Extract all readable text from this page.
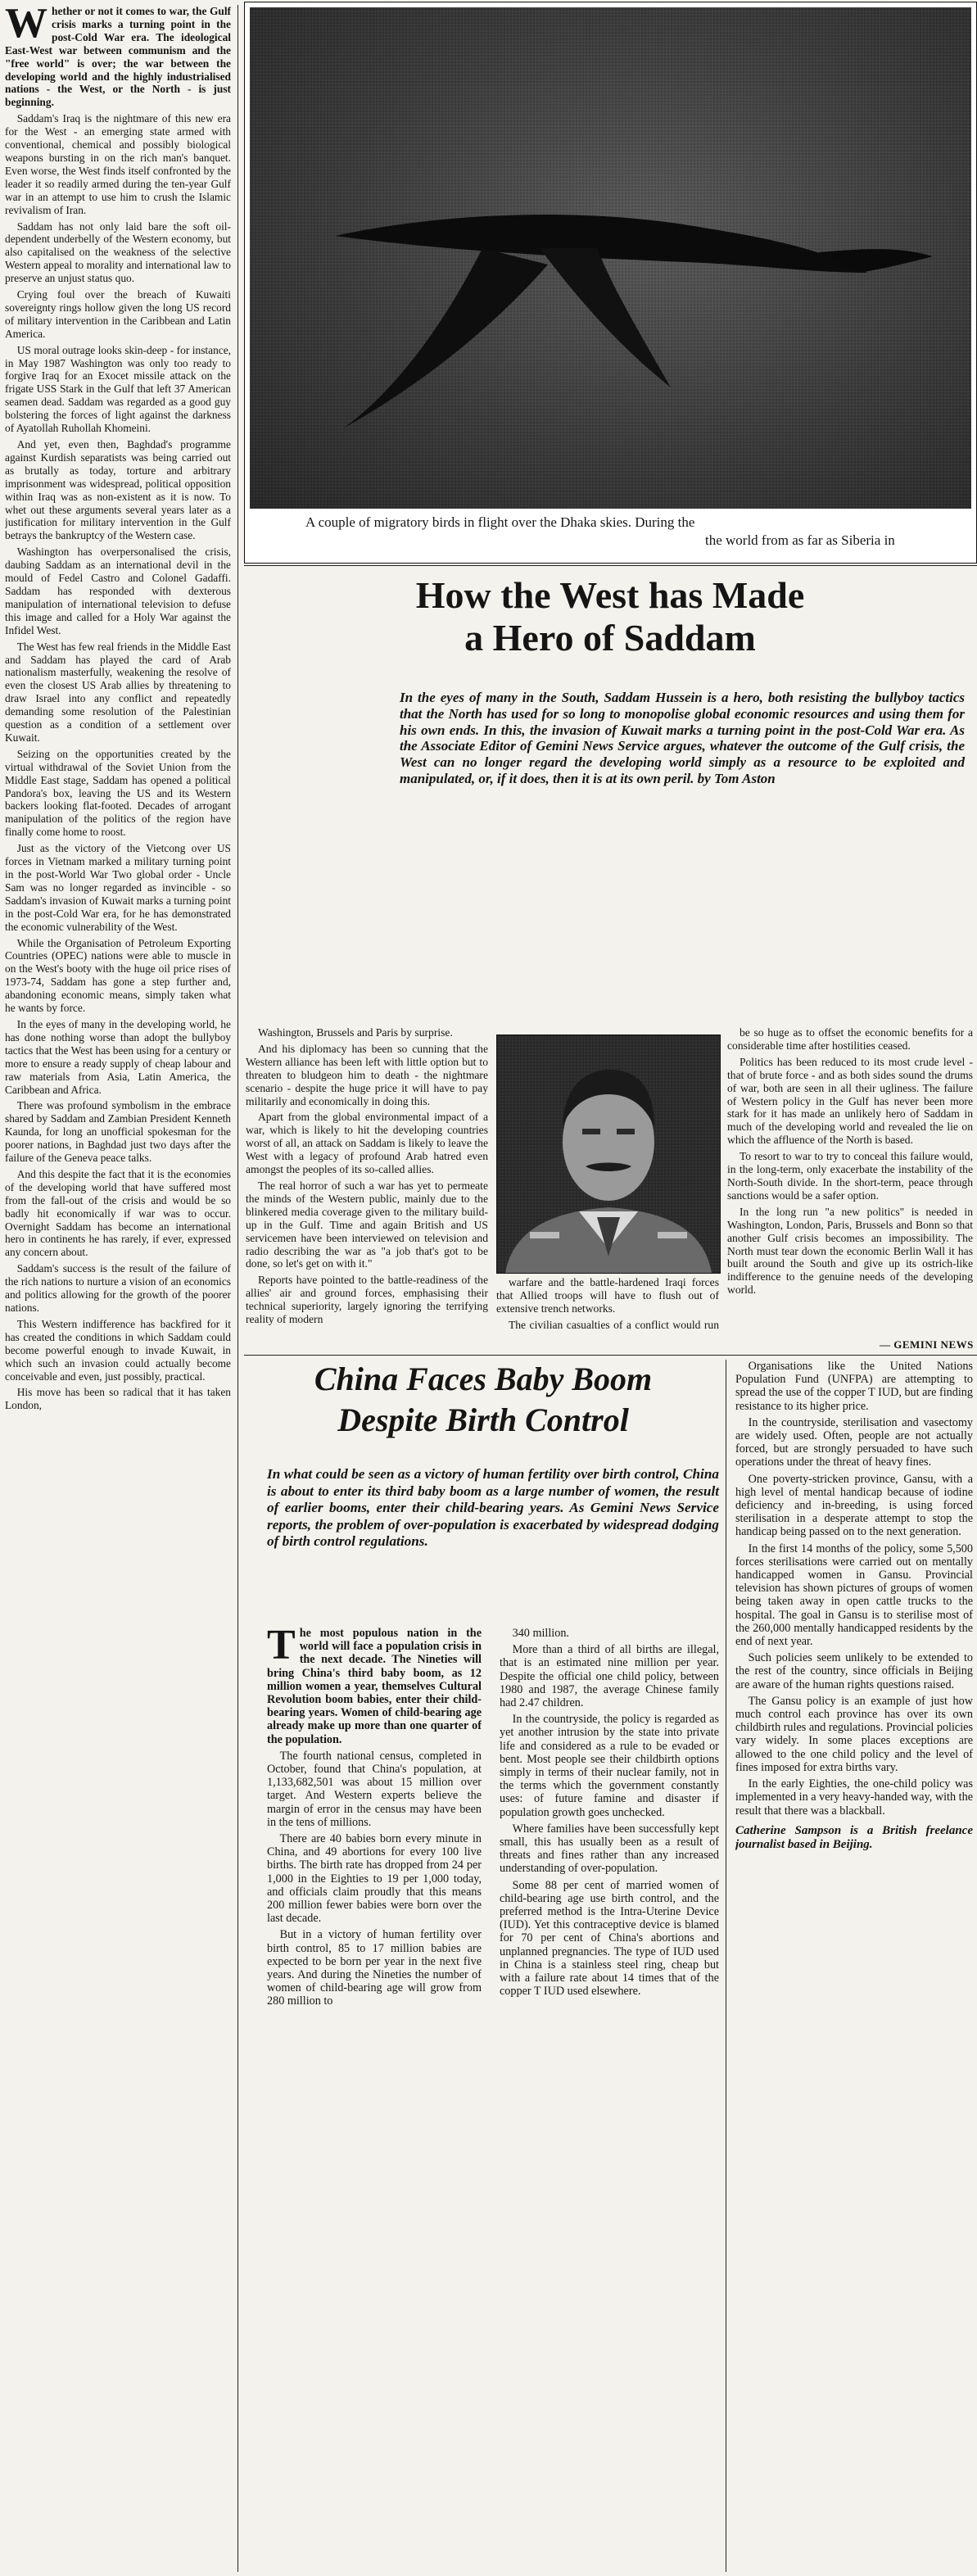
Whether or not it comes to war, the Gulf crisis marks a turning point in the post-Cold War era. The ideological East-West war between communism and the "free world" is over; the war between the developing world and the highly industrialised nations - the West, or the North - is just beginning.

Saddam's Iraq is the nightmare of this new era for the West - an emerging state armed with conventional, chemical and possibly biological weapons bursting in on the rich man's banquet. Even worse, the West finds itself confronted by the leader it so readily armed during the ten-year Gulf war in an attempt to use him to crush the Islamic revivalism of Iran.

Saddam has not only laid bare the soft oil-dependent underbelly of the Western economy, but also capitalised on the weakness of the selective Western appeal to morality and international law to preserve an unjust status quo.

Crying foul over the breach of Kuwaiti sovereignty rings hollow given the long US record of military intervention in the Caribbean and Latin America.

US moral outrage looks skin-deep - for instance, in May 1987 Washington was only too ready to forgive Iraq for an Exocet missile attack on the frigate USS Stark in the Gulf that left 37 American seamen dead. Saddam was regarded as a good guy bolstering the forces of light against the darkness of Ayatollah Ruhollah Khomeini.

And yet, even then, Baghdad's programme against Kurdish separatists was being carried out as brutally as today, torture and arbitrary imprisonment was widespread, political opposition within Iraq was as non-existent as it is now. To whet out these arguments several years later as a justification for military intervention in the Gulf betrays the bankruptcy of the Western case.

Washington has overpersonalised the crisis, daubing Saddam as an international devil in the mould of Fedel Castro and Colonel Gadaffi. Saddam has responded with dexterous manipulation of international television to defuse this image and called for a Holy War against the Infidel West.

The West has few real friends in the Middle East and Saddam has played the card of Arab nationalism masterfully, weakening the resolve of even the closest US Arab allies by threatening to draw Israel into any conflict and repeatedly demanding some resolution of the Palestinian question as a condition of a settlement over Kuwait.

Seizing on the opportunities created by the virtual withdrawal of the Soviet Union from the Middle East stage, Saddam has opened a political Pandora's box, leaving the US and its Western backers looking flat-footed. Decades of arrogant manipulation of the politics of the region have finally come home to roost.

Just as the victory of the Vietcong over US forces in Vietnam marked a military turning point in the post-World War Two global order - Uncle Sam was no longer regarded as invincible - so Saddam's invasion of Kuwait marks a turning point in the post-Cold War era, for he has demonstrated the economic vulnerability of the West.

While the Organisation of Petroleum Exporting Countries (OPEC) nations were able to muscle in on the West's booty with the huge oil price rises of 1973-74, Saddam has gone a step further and, abandoning economic means, simply taken what he wants by force.

In the eyes of many in the developing world, he has done nothing worse than adopt the bullyboy tactics that the West has been using for a century or more to ensure a ready supply of cheap labour and raw materials from Asia, Latin America, the Caribbean and Africa.

There was profound symbolism in the embrace shared by Saddam and Zambian President Kenneth Kaunda, for long an unofficial spokesman for the poorer nations, in Baghdad just two days after the failure of the Geneva peace talks.

And this despite the fact that it is the economies of the developing world that have suffered most from the fall-out of the crisis and would be so badly hit economically if war was to occur. Overnight Saddam has become an international hero in continents he has rarely, if ever, expressed any concern about.

Saddam's success is the result of the failure of the rich nations to nurture a vision of an economics and politics allowing for the growth of the poorer nations.

This Western indifference has backfired for it has created the conditions in which Saddam could become powerful enough to invade Kuwait, in which such an invasion could actually become conceivable and even, just possibly, practical.

His move has been so radical that it has taken London,

A couple of migratory birds in flight over the Dhaka skies. During the
the world from as far as Siberia in
How the West has Made
a Hero of Saddam
In the eyes of many in the South, Saddam Hussein is a hero, both resisting the bullyboy tactics that the North has used for so long to monopolise global economic resources and using them for his own ends. In this, the invasion of Kuwait marks a turning point in the post-Cold War era. As the Associate Editor of Gemini News Service argues, whatever the outcome of the Gulf crisis, the West can no longer regard the developing world simply as a resource to be exploited and manipulated, or, if it does, then it is at its own peril. by Tom Aston

Washington, Brussels and Paris by surprise.

And his diplomacy has been so cunning that the Western alliance has been left with little option but to threaten to bludgeon him to death - the nightmare scenario - despite the huge price it will have to pay militarily and economically in doing this.

Apart from the global environmental impact of a war, which is likely to hit the developing countries worst of all, an attack on Saddam is likely to leave the West with a legacy of profound Arab hatred even amongst the peoples of its so-called allies.

The real horror of such a war has yet to permeate the minds of the Western public, mainly due to the blinkered media coverage given to the military build-up in the Gulf. Time and again British and US servicemen have been interviewed on television and radio describing the war as "a job that's got to be done, so let's get on with it."

Reports have pointed to the battle-readiness of the allies' air and ground forces, emphasising their technical superiority, largely ignoring the terrifying reality of modern

warfare and the battle-hardened Iraqi forces that Allied troops will have to flush out of extensive trench networks.

The civilian casualties of a conflict would run

be so huge as to offset the economic benefits for a considerable time after hostilities ceased.

Politics has been reduced to its most crude level - that of brute force - and as both sides sound the drums of war, both are seen in all their ugliness. The failure of Western policy in the Gulf has never been more stark for it has made an unlikely hero of Saddam in much of the developing world and revealed the lie on which the affluence of the North is based.

To resort to war to try to conceal this failure would, in the long-term, only exacerbate the instability of the North-South divide. In the short-term, peace through sanctions would be a safer option.

In the long run "a new politics" is needed in Washington, London, Paris, Brussels and Bonn so that another Gulf crisis becomes an impossibility. The North must tear down the economic Berlin Wall it has built around the South and give up its ostrich-like indifference to the genuine needs of the developing world.

— GEMINI NEWS
China Faces Baby Boom
Despite Birth Control
In what could be seen as a victory of human fertility over birth control, China is about to enter its third baby boom as a large number of women, the result of earlier booms, enter their child-bearing years. As Gemini News Service reports, the problem of over-population is exacerbated by widespread dodging of birth control regulations.

The most populous nation in the world will face a population crisis in the next decade. The Nineties will bring China's third baby boom, as 12 million women a year, themselves Cultural Revolution boom babies, enter their child-bearing years. Women of child-bearing age already make up more than one quarter of the population.

The fourth national census, completed in October, found that China's population, at 1,133,682,501 was about 15 million over target. And Western experts believe the margin of error in the census may have been in the tens of millions.

There are 40 babies born every minute in China, and 49 abortions for every 100 live births. The birth rate has dropped from 24 per 1,000 in the Eighties to 19 per 1,000 today, and officials claim proudly that this means 200 million fewer babies were born over the last decade.

But in a victory of human fertility over birth control, 85 to 17 million babies are expected to be born per year in the next five years. And during the Nineties the number of women of child-bearing age will grow from 280 million to

340 million.

More than a third of all births are illegal, that is an estimated nine million per year. Despite the official one child policy, between 1980 and 1987, the average Chinese family had 2.47 children.

In the countryside, the policy is regarded as yet another intrusion by the state into private life and considered as a rule to be evaded or bent. Most people see their childbirth options simply in terms of their nuclear family, not in the terms which the government constantly uses: of future famine and disaster if population growth goes unchecked.

Where families have been successfully kept small, this has usually been as a result of threats and fines rather than any increased understanding of over-population.

Some 88 per cent of married women of child-bearing age use birth control, and the preferred method is the Intra-Uterine Device (IUD). Yet this contraceptive device is blamed for 70 per cent of China's abortions and unplanned pregnancies. The type of IUD used in China is a stainless steel ring, cheap but with a failure rate about 14 times that of the copper T IUD used elsewhere.

Organisations like the United Nations Population Fund (UNFPA) are attempting to spread the use of the copper T IUD, but are finding resistance to its higher price.

In the countryside, sterilisation and vasectomy are widely used. Often, people are not actually forced, but are strongly persuaded to have such operations under the threat of heavy fines.

One poverty-stricken province, Gansu, with a high level of mental handicap because of iodine deficiency and in-breeding, is using forced sterilisation in a desperate attempt to stop the handicap being passed on to the next generation.

In the first 14 months of the policy, some 5,500 forces sterilisations were carried out on mentally handicapped women in Gansu. Provincial television has shown pictures of groups of women being taken away in open cattle trucks to the hospital. The goal in Gansu is to sterilise most of the 260,000 mentally handicapped residents by the end of next year.

Such policies seem unlikely to be extended to the rest of the country, since officials in Beijing are aware of the human rights questions raised.

The Gansu policy is an example of just how much control each province has over its own childbirth rules and regulations. Provincial policies vary widely. In some places exceptions are allowed to the one child policy and the level of fines imposed for extra births vary.

In the early Eighties, the one-child policy was implemented in a very heavy-handed way, with the result that there was a blackball.

Catherine Sampson is a British freelance journalist based in Beijing.
